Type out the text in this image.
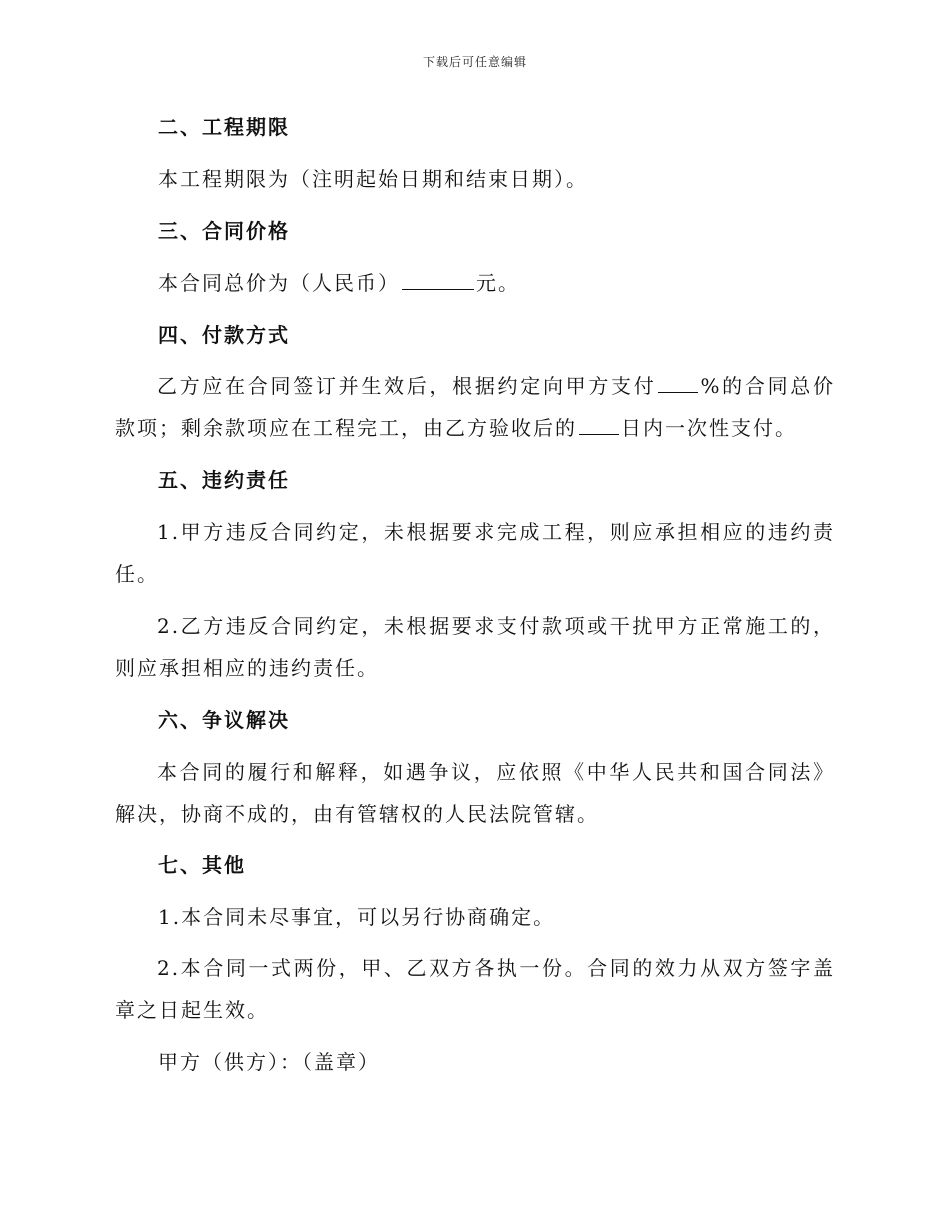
下载后可任意编辑
二、工程期限
本工程期限为（注明起始日期和结束日期）。
三、合同价格
本合同总价为（人民币）	元。
四、付款方式
乙方应在合同签订并生效后，根据约定向甲方支付 %的合同总价款项；剩余款项应在工程完工，由乙方验收后的 日内一次性支付。
五、违约责任
1.甲方违反合同约定，未根据要求完成工程，则应承担相应的违约责任。
2.乙方违反合同约定，未根据要求支付款项或干扰甲方正常施工的，则应承担相应的违约责任。
六、争议解决
本合同的履行和解释，如遇争议，应依照《中华人民共和国合同法》解决，协商不成的，由有管辖权的人民法院管辖。
七、其他
1.本合同未尽事宜，可以另行协商确定。
2.本合同一式两份，甲、乙双方各执一份。合同的效力从双方签字盖章之日起生效。
甲方（供方）：（盖章）
